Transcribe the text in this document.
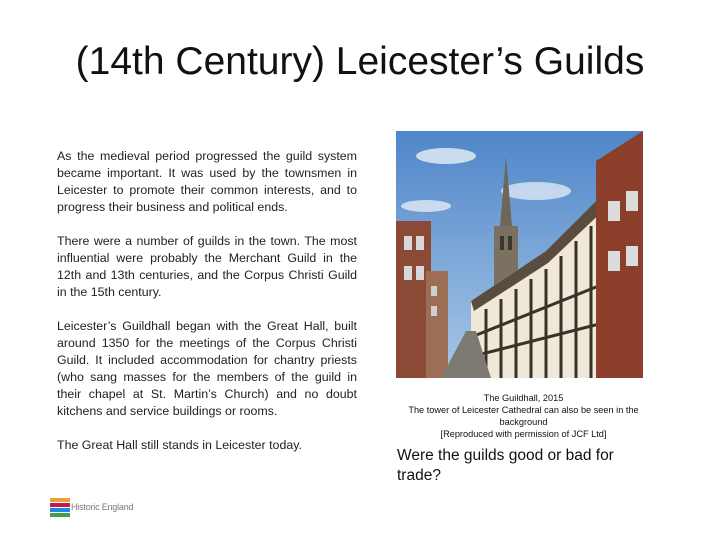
(14th Century) Leicester’s Guilds

As the medieval period progressed the guild system became important. It was used by the townsmen in Leicester to promote their common interests, and to progress their business and political ends.

There were a number of guilds in the town. The most influential were probably the Merchant Guild in the 12th and 13th centuries, and the Corpus Christi Guild in the 15th century.

Leicester’s Guildhall began with the Great Hall, built around 1350 for the meetings of the Corpus Christi Guild. It included accommodation for chantry priests (who sang masses for the members of the guild in their chapel at St. Martin’s Church) and no doubt kitchens and service buildings or rooms.

The Great Hall still stands in Leicester today.

The Guildhall, 2015
The tower of Leicester Cathedral can also be seen in the background
[Reproduced with permission of JCF Ltd]
Were the guilds good or bad for trade?
Historic England
